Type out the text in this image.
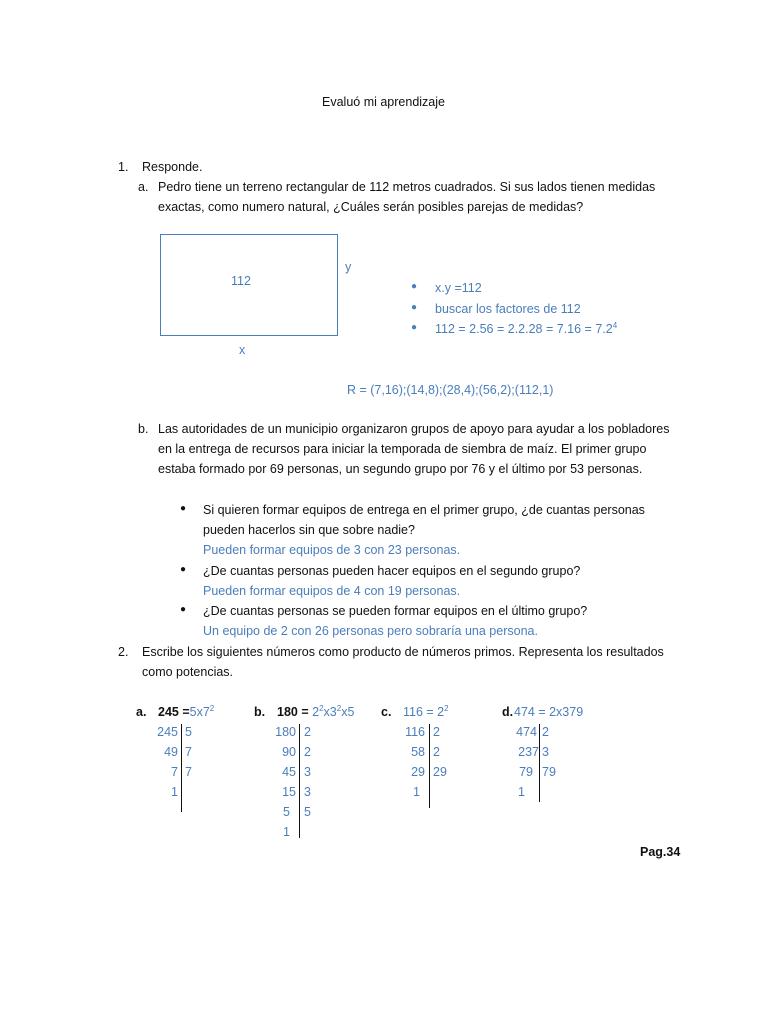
Evaluó mi aprendizaje
1. Responde.
a. Pedro tiene un terreno rectangular de 112 metros cuadrados. Si sus lados tienen medidas
exactas, como numero natural, ¿Cuáles serán posibles parejas de medidas?
112
y
x
● x.y =112
● buscar los factores de 112
● $112 = 2.56 = 2.2.28 = 7.16 = 7.2^4$
R = (7,16);(14,8);(28,4);(56,2);(112,1)
b. Las autoridades de un municipio organizaron grupos de apoyo para ayudar a los pobladores
en la entrega de recursos para iniciar la temporada de siembra de maíz. El primer grupo
estaba formado por 69 personas, un segundo grupo por 76 y el último por 53 personas.
● Si quieren formar equipos de entrega en el primer grupo, ¿de cuantas personas
pueden hacerlos sin que sobre nadie?
Pueden formar equipos de 3 con 23 personas.
● ¿De cuantas personas pueden hacer equipos en el segundo grupo?
Pueden formar equipos de 4 con 19 personas.
● ¿De cuantas personas se pueden formar equipos en el último grupo?
Un equipo de 2 con 26 personas pero sobraría una persona.
2. Escribe los siguientes números como producto de números primos. Representa los resultados
como potencias.
a. $245 =5x7^2$
245
49
7
1
5
7
7
b. $180 = 2^2x3^2x5$
180
90
45
15
5
1
2
2
3
3
5
c. $116 = 2^2$
116
58
29
1
2
2
29
d. 474 = 2x379
474
237
79
1
2
3
79
Pag.34
